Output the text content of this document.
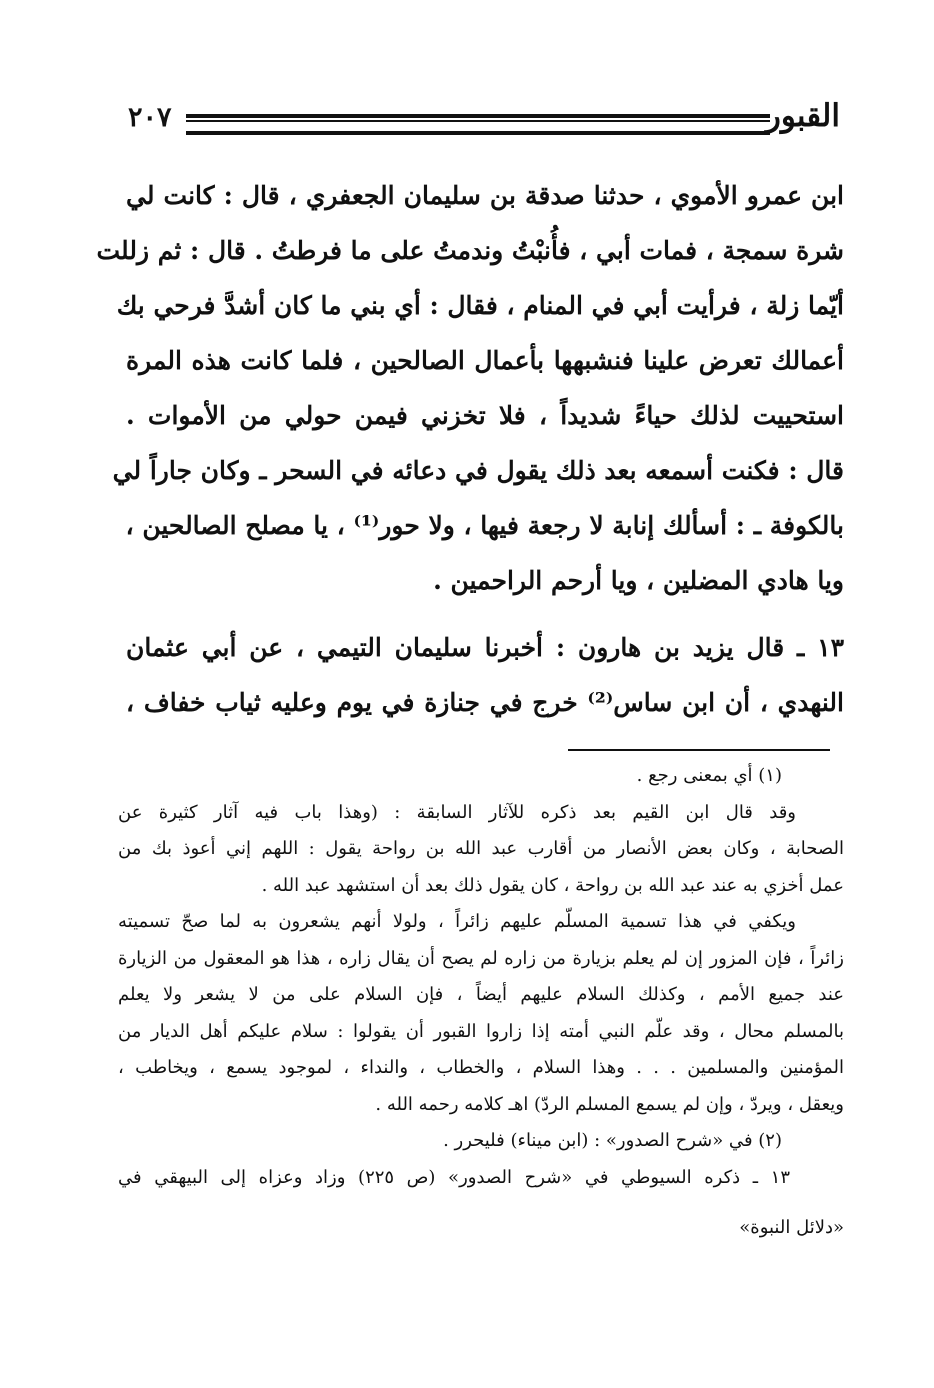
٢٠٧	القبور
ابن عمرو الأموي ، حدثنا صدقة بن سليمان الجعفري ، قال : كانت لي
شرة سمجة ، فمات أبي ، فأُنبْتُ وندمتُ على ما فرطتُ . قال : ثم زللت
أيّما زلة ، فرأيت أبي في المنام ، فقال : أي بني ما كان أشدَّ فرحي بك
أعمالك تعرض علينا فنشبهها بأعمال الصالحين ، فلما كانت هذه المرة
استحييت لذلك حياءً شديداً ، فلا تخزني فيمن حولي من الأموات .
قال : فكنت أسمعه بعد ذلك يقول في دعائه في السحر ـ وكان جاراً لي
بالكوفة ـ : أسألك إنابة لا رجعة فيها ، ولا حور⁽¹⁾ ، يا مصلح الصالحين ،
ويا هادي المضلين ، ويا أرحم الراحمين .
١٣ ـ قال يزيد بن هارون : أخبرنا سليمان التيمي ، عن أبي عثمان
النهدي ، أن ابن ساس⁽²⁾ خرج في جنازة في يوم وعليه ثياب خفاف ،
(١) أي بمعنى رجع .
وقد قال ابن القيم بعد ذكره للآثار السابقة : (وهذا باب فيه آثار كثيرة عن
الصحابة ، وكان بعض الأنصار من أقارب عبد الله بن رواحة يقول : اللهم إني أعوذ بك من
عمل أخزي به عند عبد الله بن رواحة ، كان يقول ذلك بعد أن استشهد عبد الله .
ويكفي في هذا تسمية المسلّم عليهم زائراً ، ولولا أنهم يشعرون به لما صحّ تسميته
زائراً ، فإن المزور إن لم يعلم بزيارة من زاره لم يصح أن يقال زاره ، هذا هو المعقول من الزيارة
عند جميع الأمم ، وكذلك السلام عليهم أيضاً ، فإن السلام على من لا يشعر ولا يعلم
بالمسلم محال ، وقد علّم النبي أمته إذا زاروا القبور أن يقولوا : سلام عليكم أهل الديار من
المؤمنين والمسلمين . . . وهذا السلام ، والخطاب ، والنداء ، لموجود يسمع ، ويخاطب ،
ويعقل ، ويردّ ، وإن لم يسمع المسلم الردّ) اهـ كلامه رحمه الله .
(٢) في «شرح الصدور» : (ابن ميناء) فليحرر .
١٣ ـ ذكره السيوطي في «شرح الصدور» (ص ٢٢٥) وزاد وعزاه إلى البيهقي في
«دلائل النبوة»
